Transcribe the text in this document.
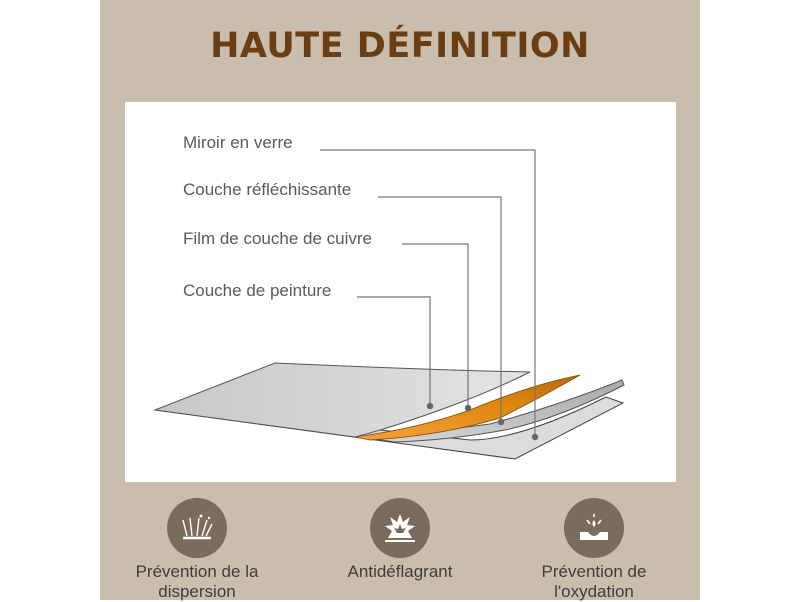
HAUTE DÉFINITION
Miroir en verre
Couche réfléchissante
Film de couche de cuivre
Couche de peinture
Prévention de la dispersion
Antidéflagrant	Prévention de l'oxydation
